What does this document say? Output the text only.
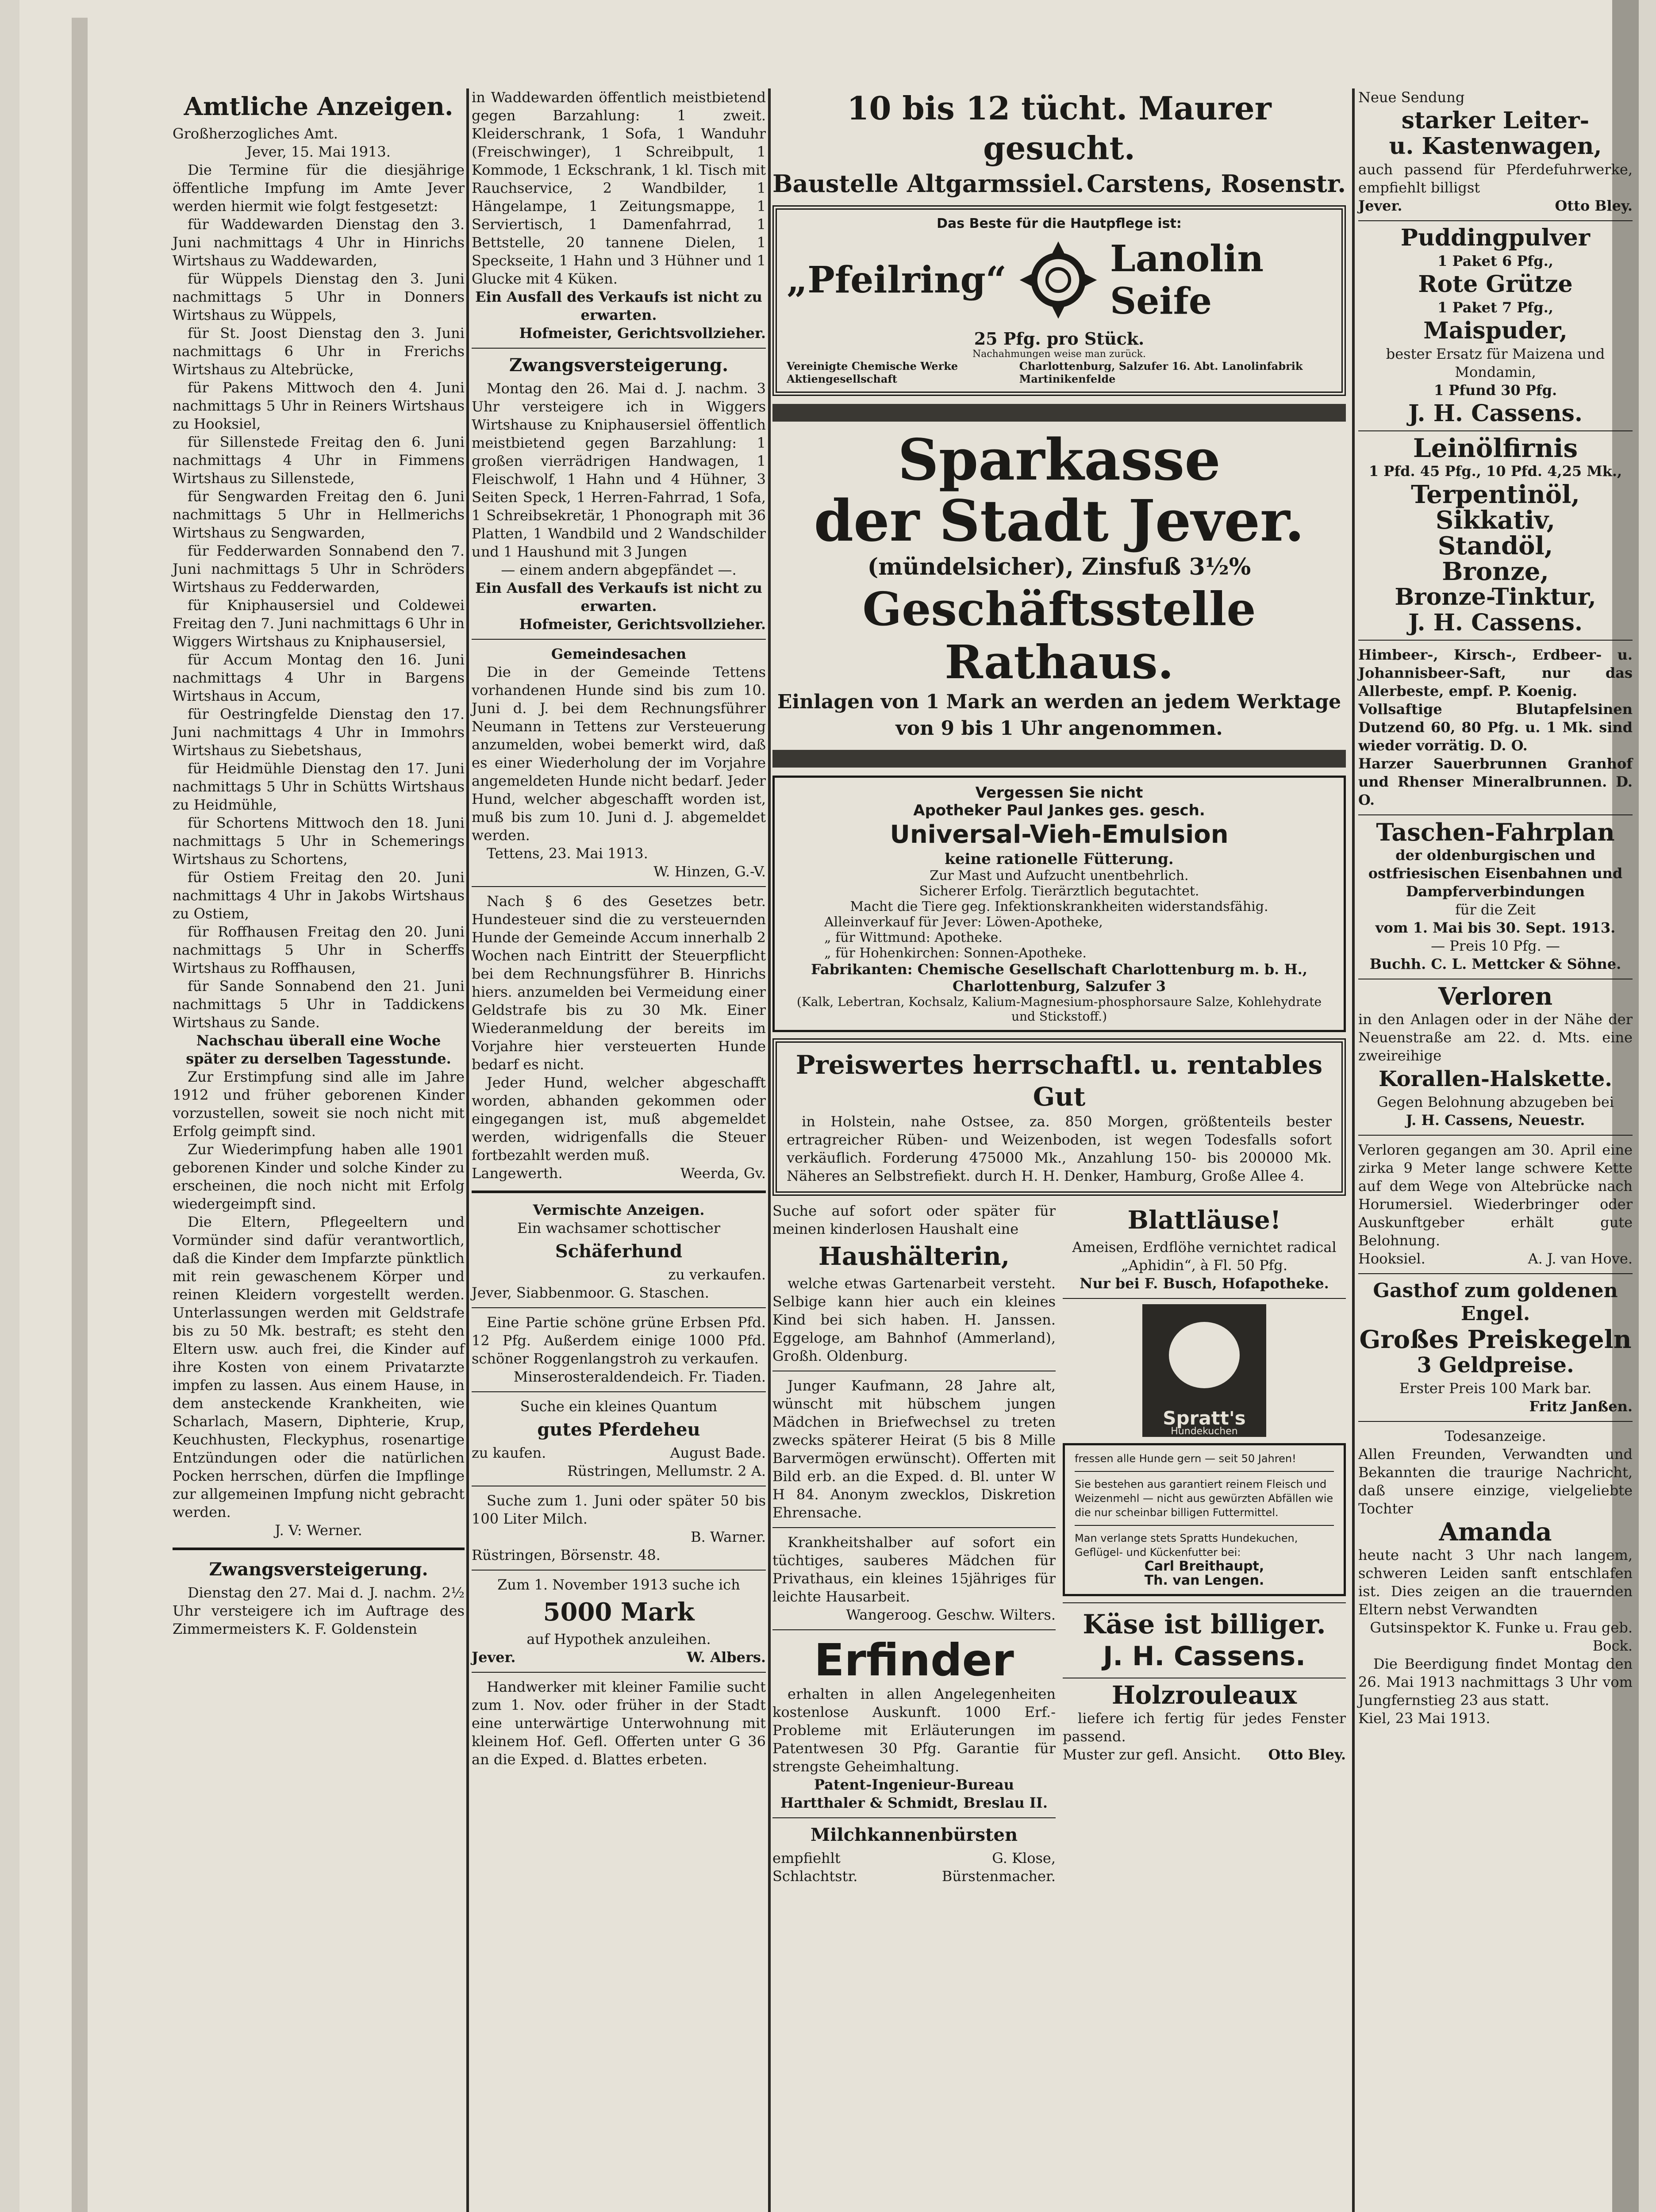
Amtliche Anzeigen.

Großherzogliches Amt.

Jever, 15. Mai 1913.

Die Termine für die diesjährige öffentliche Impfung im Amte Jever werden hiermit wie folgt festgesetzt:

für Waddewarden Dienstag den 3. Juni nachmittags 4 Uhr in Hinrichs Wirtshaus zu Waddewarden,

für Wüppels Dienstag den 3. Juni nachmittags 5 Uhr in Donners Wirtshaus zu Wüppels,

für St. Joost Dienstag den 3. Juni nachmittags 6 Uhr in Frerichs Wirtshaus zu Altebrücke,

für Pakens Mittwoch den 4. Juni nachmittags 5 Uhr in Reiners Wirtshaus zu Hooksiel,

für Sillenstede Freitag den 6. Juni nachmittags 4 Uhr in Fimmens Wirtshaus zu Sillenstede,

für Sengwarden Freitag den 6. Juni nachmittags 5 Uhr in Hellmerichs Wirtshaus zu Sengwarden,

für Fedderwarden Sonnabend den 7. Juni nachmittags 5 Uhr in Schröders Wirtshaus zu Fedderwarden,

für Kniphausersiel und Coldewei Freitag den 7. Juni nachmittags 6 Uhr in Wiggers Wirtshaus zu Kniphausersiel,

für Accum Montag den 16. Juni nachmittags 4 Uhr in Bargens Wirtshaus in Accum,

für Oestringfelde Dienstag den 17. Juni nachmittags 4 Uhr in Immohrs Wirtshaus zu Siebetshaus,

für Heidmühle Dienstag den 17. Juni nachmittags 5 Uhr in Schütts Wirtshaus zu Heidmühle,

für Schortens Mittwoch den 18. Juni nachmittags 5 Uhr in Schemerings Wirtshaus zu Schortens,

für Ostiem Freitag den 20. Juni nachmittags 4 Uhr in Jakobs Wirtshaus zu Ostiem,

für Roffhausen Freitag den 20. Juni nachmittags 5 Uhr in Scherffs Wirtshaus zu Roffhausen,

für Sande Sonnabend den 21. Juni nachmittags 5 Uhr in Taddickens Wirtshaus zu Sande.

Nachschau überall eine Woche später zu derselben Tagesstunde.

Zur Erstimpfung sind alle im Jahre 1912 und früher geborenen Kinder vorzustellen, soweit sie noch nicht mit Erfolg geimpft sind.

Zur Wiederimpfung haben alle 1901 geborenen Kinder und solche Kinder zu erscheinen, die noch nicht mit Erfolg wiedergeimpft sind.

Die Eltern, Pflegeeltern und Vormünder sind dafür verantwortlich, daß die Kinder dem Impfarzte pünktlich mit rein gewaschenem Körper und reinen Kleidern vorgestellt werden. Unterlassungen werden mit Geldstrafe bis zu 50 Mk. bestraft; es steht den Eltern usw. auch frei, die Kinder auf ihre Kosten von einem Privatarzte impfen zu lassen. Aus einem Hause, in dem ansteckende Krankheiten, wie Scharlach, Masern, Diphterie, Krup, Keuchhusten, Fleckyphus, rosenartige Entzündungen oder die natürlichen Pocken herrschen, dürfen die Impflinge zur allgemeinen Impfung nicht gebracht werden.

J. V: Werner.

Zwangsversteigerung.

Dienstag den 27. Mai d. J. nachm. 2½ Uhr versteigere ich im Auftrage des Zimmermeisters K. F. Goldenstein

in Waddewarden öffentlich meistbietend gegen Barzahlung: 1 zweit. Kleiderschrank, 1 Sofa, 1 Wanduhr (Freischwinger), 1 Schreibpult, 1 Kommode, 1 Eckschrank, 1 kl. Tisch mit Rauchservice, 2 Wandbilder, 1 Hängelampe, 1 Zeitungsmappe, 1 Serviertisch, 1 Damenfahrrad, 1 Bettstelle, 20 tannene Dielen, 1 Speckseite, 1 Hahn und 3 Hühner und 1 Glucke mit 4 Küken.

Ein Ausfall des Verkaufs ist nicht zu erwarten.

Hofmeister, Gerichtsvollzieher.

Zwangsversteigerung.

Montag den 26. Mai d. J. nachm. 3 Uhr versteigere ich in Wiggers Wirtshause zu Kniphausersiel öffentlich meistbietend gegen Barzahlung: 1 großen vierrädrigen Handwagen, 1 Fleischwolf, 1 Hahn und 4 Hühner, 3 Seiten Speck, 1 Herren-Fahrrad, 1 Sofa, 1 Schreibsekretär, 1 Phonograph mit 36 Platten, 1 Wandbild und 2 Wandschilder und 1 Haushund mit 3 Jungen

— einem andern abgepfändet —.

Ein Ausfall des Verkaufs ist nicht zu erwarten.

Hofmeister, Gerichtsvollzieher.

Gemeindesachen

Die in der Gemeinde Tettens vorhandenen Hunde sind bis zum 10. Juni d. J. bei dem Rechnungsführer Neumann in Tettens zur Versteuerung anzumelden, wobei bemerkt wird, daß es einer Wiederholung der im Vorjahre angemeldeten Hunde nicht bedarf. Jeder Hund, welcher abgeschafft worden ist, muß bis zum 10. Juni d. J. abgemeldet werden.

Tettens, 23. Mai 1913.

W. Hinzen, G.-V.

Nach § 6 des Gesetzes betr. Hundesteuer sind die zu versteuernden Hunde der Gemeinde Accum innerhalb 2 Wochen nach Eintritt der Steuerpflicht bei dem Rechnungsführer B. Hinrichs hiers. anzumelden bei Vermeidung einer Geldstrafe bis zu 30 Mk. Einer Wiederanmeldung der bereits im Vorjahre hier versteuerten Hunde bedarf es nicht.

Jeder Hund, welcher abgeschafft worden, abhanden gekommen oder eingegangen ist, muß abgemeldet werden, widrigenfalls die Steuer fortbezahlt werden muß.

Langewerth.	Weerda, Gv.

Vermischte Anzeigen.

Ein wachsamer schottischer

Schäferhund

zu verkaufen.

Jever, Siabbenmoor. G. Staschen.

Eine Partie schöne grüne Erbsen Pfd. 12 Pfg. Außerdem einige 1000 Pfd. schöner Roggenlangstroh zu verkaufen.

Minserosteraldendeich. Fr. Tiaden.

Suche ein kleines Quantum

gutes Pferdeheu
zu kaufen.	August Bade.

Rüstringen, Mellumstr. 2 A.

Suche zum 1. Juni oder später 50 bis 100 Liter Milch.

B. Warner.

Rüstringen, Börsenstr. 48.

Zum 1. November 1913 suche ich

5000 Mark

auf Hypothek anzuleihen.

Jever.	W. Albers.

Handwerker mit kleiner Familie sucht zum 1. Nov. oder früher in der Stadt eine unterwärtige Unterwohnung mit kleinem Hof. Gefl. Offerten unter G 36 an die Exped. d. Blattes erbeten.

10 bis 12 tücht. Maurer gesucht.
Baustelle Altgarmssiel. Carstens, Rosenstr.
Das Beste für die Hautpflege ist:
„Pfeilring“	Lanolin Seife
25 Pfg. pro Stück.
Nachahmungen weise man zurück.
Vereinigte Chemische Werke Aktiengesellschaft
Charlottenburg, Salzufer 16. Abt. Lanolinfabrik Martinikenfelde
Sparkasse
der Stadt Jever.
(mündelsicher), Zinsfuß 3½%
Geschäftsstelle Rathaus.
Einlagen von 1 Mark an werden an jedem Werktage von 9 bis 1 Uhr angenommen.
Vergessen Sie nicht
Apotheker Paul Jankes ges. gesch.
Universal-Vieh-Emulsion
keine rationelle Fütterung.
Zur Mast und Aufzucht unentbehrlich.
Sicherer Erfolg. Tierärztlich begutachtet.
Macht die Tiere geg. Infektionskrankheiten widerstandsfähig.
Alleinverkauf für Jever: Löwen-Apotheke,
„ für Wittmund: Apotheke.
„ für Hohenkirchen: Sonnen-Apotheke.
Fabrikanten: Chemische Gesellschaft Charlottenburg m. b. H.,
Charlottenburg, Salzufer 3
(Kalk, Lebertran, Kochsalz, Kalium-Magnesium-phosphorsaure Salze, Kohlehydrate und Stickstoff.)
Preiswertes herrschaftl. u. rentables Gut

in Holstein, nahe Ostsee, za. 850 Morgen, größtenteils bester ertragreicher Rüben- und Weizenboden, ist wegen Todesfalls sofort verkäuflich. Forderung 475000 Mk., Anzahlung 150- bis 200000 Mk. Näheres an Selbstrefiekt. durch H. H. Denker, Hamburg, Große Allee 4.

Suche auf sofort oder später für meinen kinderlosen Haushalt eine

Haushälterin,

welche etwas Gartenarbeit versteht. Selbige kann hier auch ein kleines Kind bei sich haben. H. Janssen. Eggeloge, am Bahnhof (Ammerland), Großh. Oldenburg.

Junger Kaufmann, 28 Jahre alt, wünscht mit hübschem jungen Mädchen in Briefwechsel zu treten zwecks späterer Heirat (5 bis 8 Mille Barvermögen erwünscht). Offerten mit Bild erb. an die Exped. d. Bl. unter W H 84. Anonym zwecklos, Diskretion Ehrensache.

Krankheitshalber auf sofort ein tüchtiges, sauberes Mädchen für Privathaus, ein kleines 15jähriges für leichte Hausarbeit.

Wangeroog. Geschw. Wilters.

Erfinder

erhalten in allen Angelegenheiten kostenlose Auskunft. 1000 Erf.-Probleme mit Erläuterungen im Patentwesen 30 Pfg. Garantie für strengste Geheimhaltung.

Patent-Ingenieur-Bureau

Hartthaler & Schmidt, Breslau II.

Milchkannenbürsten
empfiehlt	G. Klose,
Schlachtstr.	Bürstenmacher.
Blattläuse!

Ameisen, Erdflöhe vernichtet radical

„Aphidin“, à Fl. 50 Pfg.

Nur bei F. Busch, Hofapotheke.

Spratt's
Hundekuchen
fressen alle Hunde gern — seit 50 Jahren!
Sie bestehen aus garantiert reinem Fleisch und Weizenmehl — nicht aus gewürzten Abfällen wie die nur scheinbar billigen Futtermittel.
Man verlange stets Spratts Hundekuchen, Geflügel- und Kückenfutter bei:
Carl Breithaupt,
Th. van Lengen.
Käse ist billiger.
J. H. Cassens.
Holzrouleaux

liefere ich fertig für jedes Fenster passend.

Muster zur gefl. Ansicht. Otto Bley.

Neue Sendung

starker Leiter-
u. Kastenwagen,

auch passend für Pferdefuhrwerke, empfiehlt billigst

Jever.	Otto Bley.
Puddingpulver

1 Paket 6 Pfg.,

Rote Grütze

1 Paket 7 Pfg.,

Maispuder,

bester Ersatz für Maizena und Mondamin,

1 Pfund 30 Pfg.

J. H. Cassens.
Leinölfirnis

1 Pfd. 45 Pfg., 10 Pfd. 4,25 Mk.,

Terpentinöl,
Sikkativ,
Standöl,
Bronze,
Bronze-Tinktur,
J. H. Cassens.

Himbeer-, Kirsch-, Erdbeer- u. Johannisbeer-Saft, nur das Allerbeste, empf. P. Koenig.

Vollsaftige Blutapfelsinen Dutzend 60, 80 Pfg. u. 1 Mk. sind wieder vorrätig. D. O.

Harzer Sauerbrunnen Granhof und Rhenser Mineralbrunnen. D. O.

Taschen-Fahrplan

der oldenburgischen und ostfriesischen Eisenbahnen und Dampferverbindungen

für die Zeit

vom 1. Mai bis 30. Sept. 1913.

— Preis 10 Pfg. —

Buchh. C. L. Mettcker & Söhne.

Verloren

in den Anlagen oder in der Nähe der Neuenstraße am 22. d. Mts. eine zweireihige

Korallen-Halskette.

Gegen Belohnung abzugeben bei

J. H. Cassens, Neuestr.

Verloren gegangen am 30. April eine zirka 9 Meter lange schwere Kette auf dem Wege von Altebrücke nach Horumersiel. Wiederbringer oder Auskunftgeber erhält gute Belohnung.

Hooksiel.	A. J. van Hove.
Gasthof zum goldenen Engel.
Großes Preiskegeln
3 Geldpreise.

Erster Preis 100 Mark bar.

Fritz Janßen.

Todesanzeige.

Allen Freunden, Verwandten und Bekannten die traurige Nachricht, daß unsere einzige, vielgeliebte Tochter

Amanda

heute nacht 3 Uhr nach langem, schweren Leiden sanft entschlafen ist. Dies zeigen an die trauernden Eltern nebst Verwandten

Gutsinspektor K. Funke u. Frau geb. Bock.

Die Beerdigung findet Montag den 26. Mai 1913 nachmittags 3 Uhr vom Jungfernstieg 23 aus statt.

Kiel, 23 Mai 1913.
